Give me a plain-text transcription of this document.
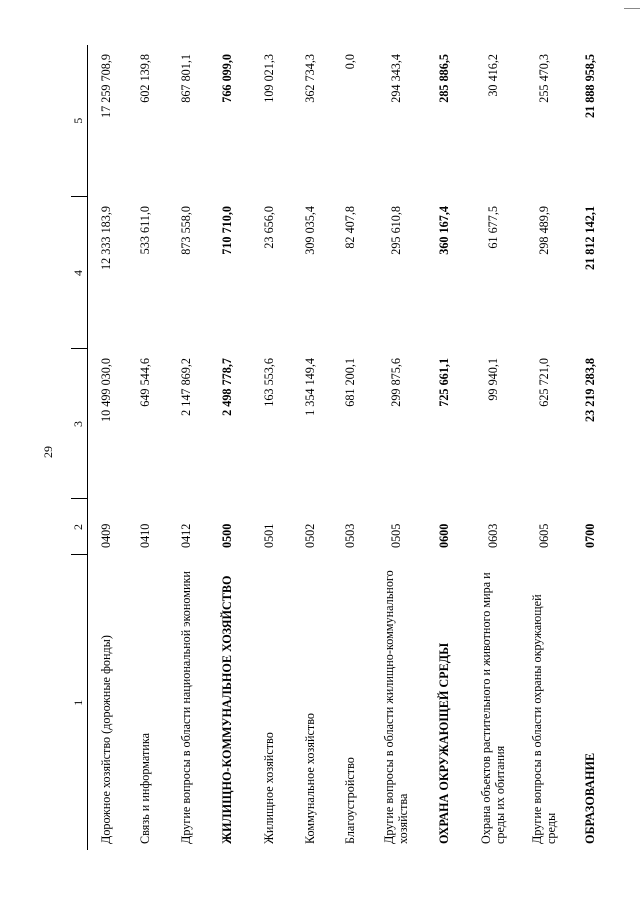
29
1	2	3	4	5
Дорожное хозяйство (дорожные фонды)	0409	10 499 030,0	12 333 183,9	17 259 708,9
Связь и информатика	0410	649 544,6	533 611,0	602 139,8
Другие вопросы в области национальной экономики	0412	2 147 869,2	873 558,0	867 801,1
ЖИЛИЩНО-КОММУНАЛЬНОЕ ХОЗЯЙСТВО	0500	2 498 778,7	710 710,0	766 099,0
Жилищное хозяйство	0501	163 553,6	23 656,0	109 021,3
Коммунальное хозяйство	0502	1 354 149,4	309 035,4	362 734,3
Благоустройство	0503	681 200,1	82 407,8	0,0
Другие вопросы в области жилищно-коммунального хозяйства	0505	299 875,6	295 610,8	294 343,4
ОХРАНА ОКРУЖАЮЩЕЙ СРЕДЫ	0600	725 661,1	360 167,4	285 886,5
Охрана объектов растительного и животного мира и среды их обитания	0603	99 940,1	61 677,5	30 416,2
Другие вопросы в области охраны окружающей среды	0605	625 721,0	298 489,9	255 470,3
ОБРАЗОВАНИЕ	0700	23 219 283,8	21 812 142,1	21 888 958,5
